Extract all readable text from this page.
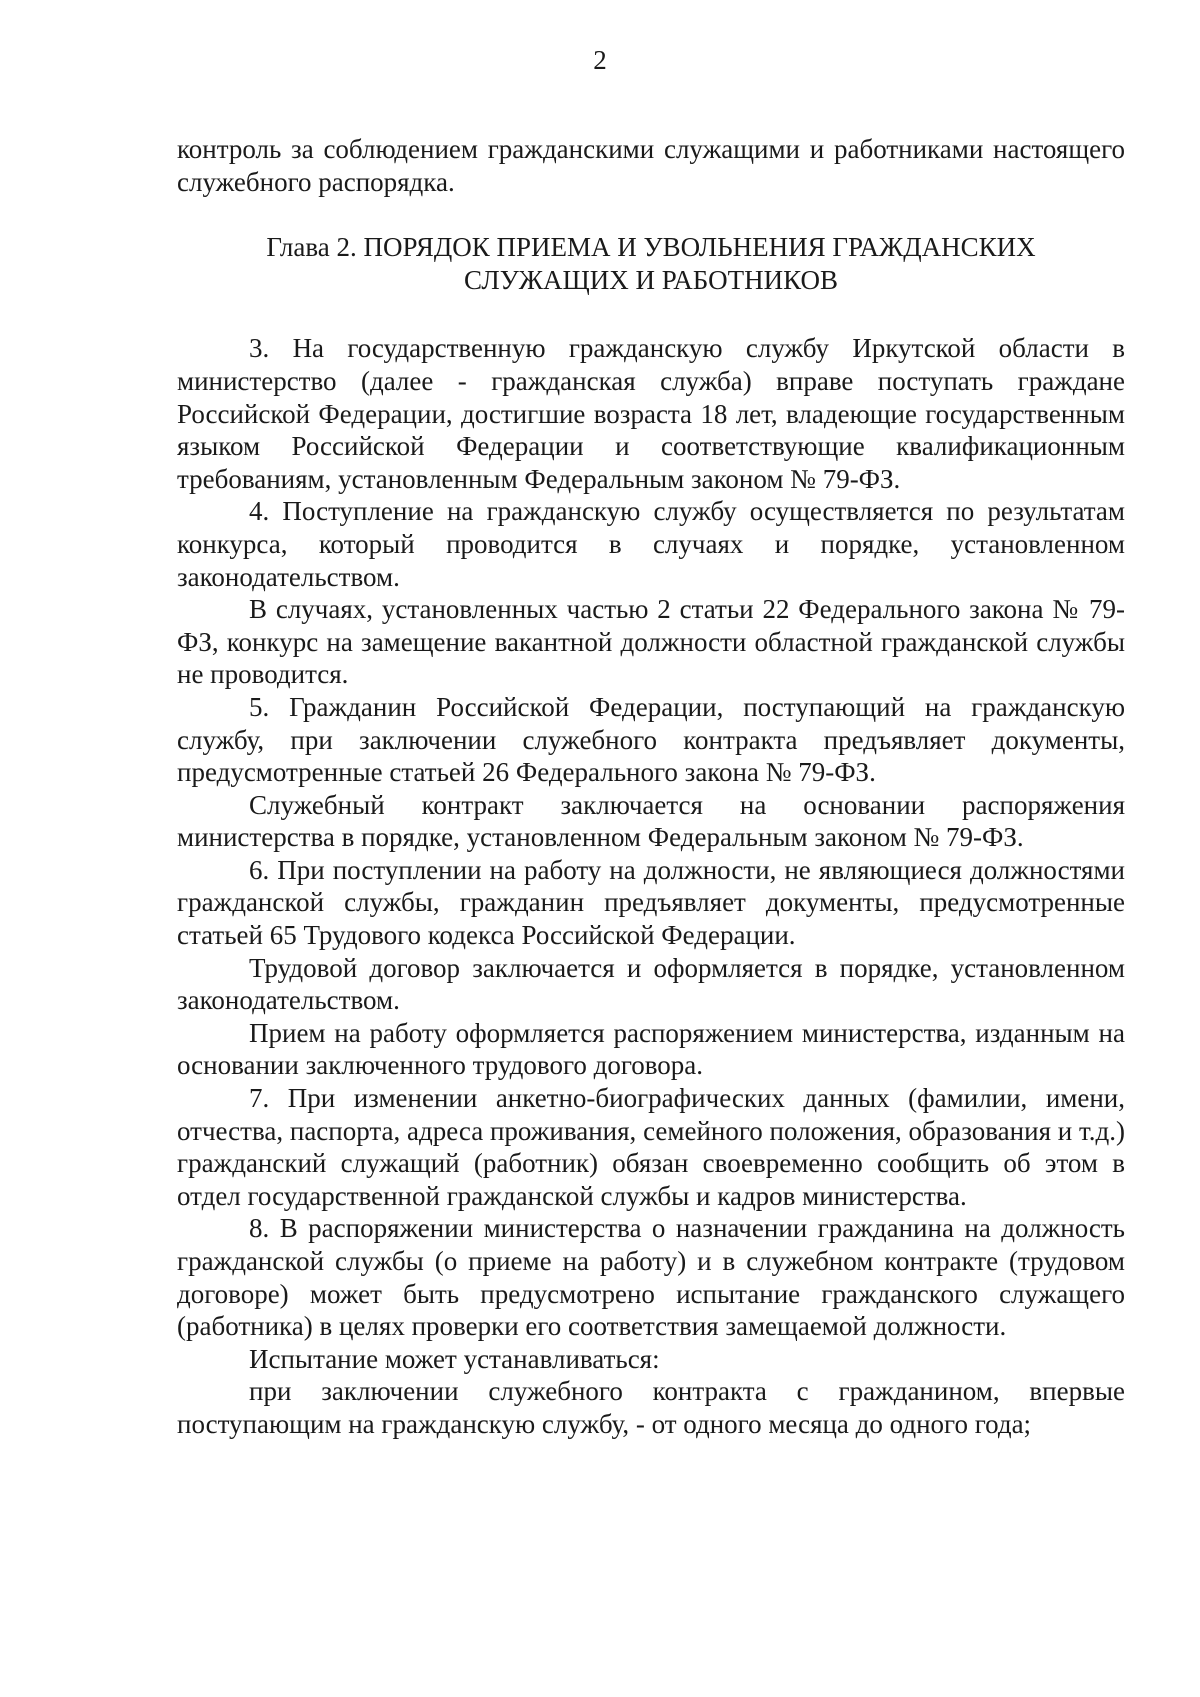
2

контроль за соблюдением гражданскими служащими и работниками настоящего служебного распорядка.

Глава 2. ПОРЯДОК ПРИЕМА И УВОЛЬНЕНИЯ ГРАЖДАНСКИХ
СЛУЖАЩИХ И РАБОТНИКОВ

3. На государственную гражданскую службу Иркутской области в министерство (далее - гражданская служба) вправе поступать граждане Российской Федерации, достигшие возраста 18 лет, владеющие государственным языком Российской Федерации и соответствующие квалификационным требованиям, установленным Федеральным законом № 79-ФЗ.

4. Поступление на гражданскую службу осуществляется по результатам конкурса, который проводится в случаях и порядке, установленном законодательством.

В случаях, установленных частью 2 статьи 22 Федерального закона № 79-ФЗ, конкурс на замещение вакантной должности областной гражданской службы не проводится.

5. Гражданин Российской Федерации, поступающий на гражданскую службу, при заключении служебного контракта предъявляет документы, предусмотренные статьей 26 Федерального закона № 79-ФЗ.

Служебный контракт заключается на основании распоряжения министерства в порядке, установленном Федеральным законом № 79-ФЗ.

6. При поступлении на работу на должности, не являющиеся должностями гражданской службы, гражданин предъявляет документы, предусмотренные статьей 65 Трудового кодекса Российской Федерации.

Трудовой договор заключается и оформляется в порядке, установленном законодательством.

Прием на работу оформляется распоряжением министерства, изданным на основании заключенного трудового договора.

7. При изменении анкетно-биографических данных (фамилии, имени, отчества, паспорта, адреса проживания, семейного положения, образования и т.д.) гражданский служащий (работник) обязан своевременно сообщить об этом в отдел государственной гражданской службы и кадров министерства.

8. В распоряжении министерства о назначении гражданина на должность гражданской службы (о приеме на работу) и в служебном контракте (трудовом договоре) может быть предусмотрено испытание гражданского служащего (работника) в целях проверки его соответствия замещаемой должности.

Испытание может устанавливаться:

при заключении служебного контракта с гражданином, впервые поступающим на гражданскую службу, - от одного месяца до одного года;
